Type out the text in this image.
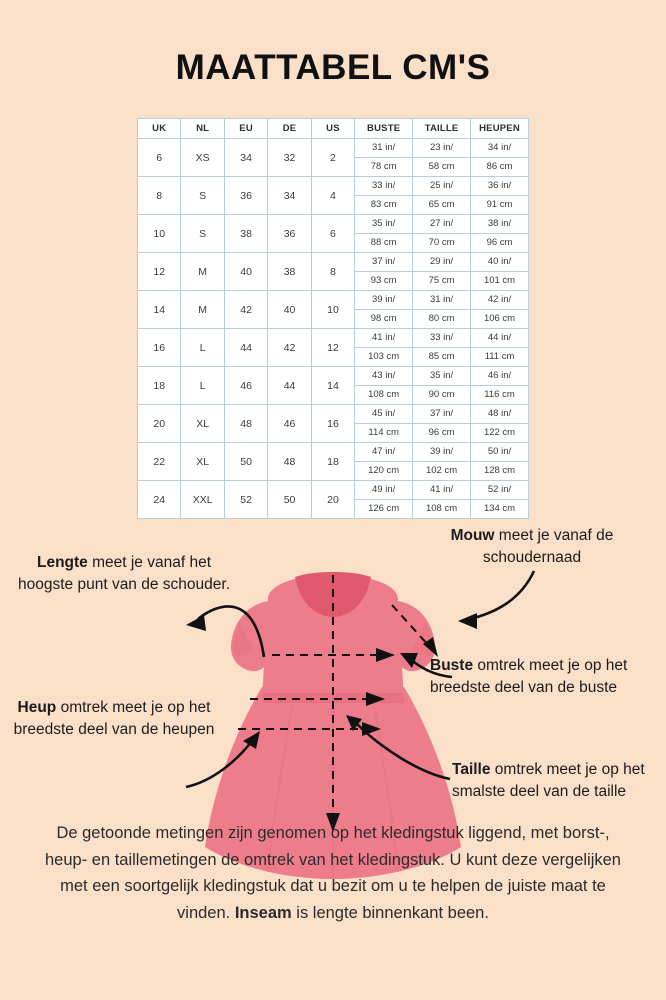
MAATTABEL CM'S
UK	NL	EU	DE	US	BUSTE	TAILLE	HEUPEN
6	XS	34	32	2	31 in/	23 in/	34 in/
					78 cm	58 cm	86 cm
8	S	36	34	4	33 in/	25 in/	36 in/
					83 cm	65 cm	91 cm
10	S	38	36	6	35 in/	27 in/	38 in/
					88 cm	70 cm	96 cm
12	M	40	38	8	37 in/	29 in/	40 in/
					93 cm	75 cm	101 cm
14	M	42	40	10	39 in/	31 in/	42 in/
					98 cm	80 cm	106 cm
16	L	44	42	12	41 in/	33 in/	44 in/
					103 cm	85 cm	111 cm
18	L	46	44	14	43 in/	35 in/	46 in/
					108 cm	90 cm	116 cm
20	XL	48	46	16	45 in/	37 in/	48 in/
					114 cm	96 cm	122 cm
22	XL	50	48	18	47 in/	39 in/	50 in/
					120 cm	102 cm	128 cm
24	XXL	52	50	20	49 in/	41 in/	52 in/
					126 cm	108 cm	134 cm
Lengte meet je vanaf het hoogste punt van de schouder.
Mouw meet je vanaf de schoudernaad
Buste omtrek meet je op het breedste deel van de buste
Heup omtrek meet je op het breedste deel van de heupen
Taille omtrek meet je op het smalste deel van de taille
De getoonde metingen zijn genomen op het kledingstuk liggend, met borst-, heup- en taillemetingen de omtrek van het kledingstuk. U kunt deze vergelijken met een soortgelijk kledingstuk dat u bezit om u te helpen de juiste maat te vinden. Inseam is lengte binnenkant been.
